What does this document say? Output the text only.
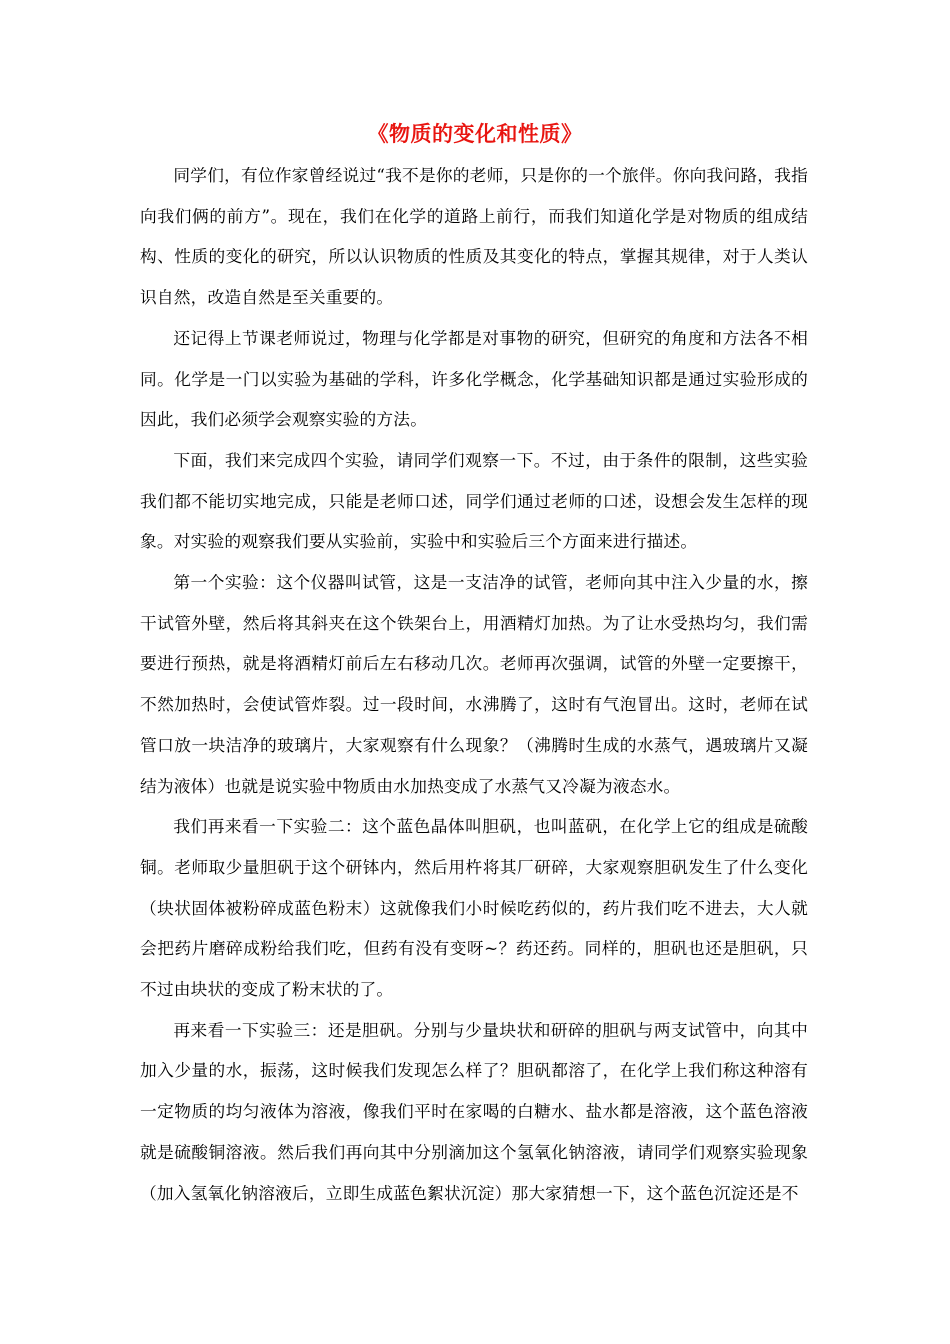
《物质的变化和性质》

同学们，有位作家曾经说过“我不是你的老师，只是你的一个旅伴。你向我问路，我指向我们俩的前方”。现在，我们在化学的道路上前行，而我们知道化学是对物质的组成结构、性质的变化的研究，所以认识物质的性质及其变化的特点，掌握其规律，对于人类认识自然，改造自然是至关重要的。

还记得上节课老师说过，物理与化学都是对事物的研究，但研究的角度和方法各不相同。化学是一门以实验为基础的学科，许多化学概念，化学基础知识都是通过实验形成的因此，我们必须学会观察实验的方法。

下面，我们来完成四个实验，请同学们观察一下。不过，由于条件的限制，这些实验我们都不能切实地完成，只能是老师口述，同学们通过老师的口述，设想会发生怎样的现象。对实验的观察我们要从实验前，实验中和实验后三个方面来进行描述。

第一个实验：这个仪器叫试管，这是一支洁净的试管，老师向其中注入少量的水，擦干试管外壁，然后将其斜夹在这个铁架台上，用酒精灯加热。为了让水受热均匀，我们需要进行预热，就是将酒精灯前后左右移动几次。老师再次强调，试管的外壁一定要擦干，不然加热时，会使试管炸裂。过一段时间，水沸腾了，这时有气泡冒出。这时，老师在试管口放一块洁净的玻璃片，大家观察有什么现象？（沸腾时生成的水蒸气，遇玻璃片又凝结为液体）也就是说实验中物质由水加热变成了水蒸气又冷凝为液态水。

我们再来看一下实验二：这个蓝色晶体叫胆矾，也叫蓝矾，在化学上它的组成是硫酸铜。老师取少量胆矾于这个研钵内，然后用杵将其厂研碎，大家观察胆矾发生了什么变化（块状固体被粉碎成蓝色粉末）这就像我们小时候吃药似的，药片我们吃不进去，大人就会把药片磨碎成粉给我们吃，但药有没有变呀~？药还药。同样的，胆矾也还是胆矾，只不过由块状的变成了粉末状的了。

再来看一下实验三：还是胆矾。分别与少量块状和研碎的胆矾与两支试管中，向其中加入少量的水，振荡，这时候我们发现怎么样了？胆矾都溶了，在化学上我们称这种溶有一定物质的均匀液体为溶液，像我们平时在家喝的白糖水、盐水都是溶液，这个蓝色溶液就是硫酸铜溶液。然后我们再向其中分别滴加这个氢氧化钠溶液，请同学们观察实验现象（加入氢氧化钠溶液后，立即生成蓝色絮状沉淀）那大家猜想一下，这个蓝色沉淀还是不
